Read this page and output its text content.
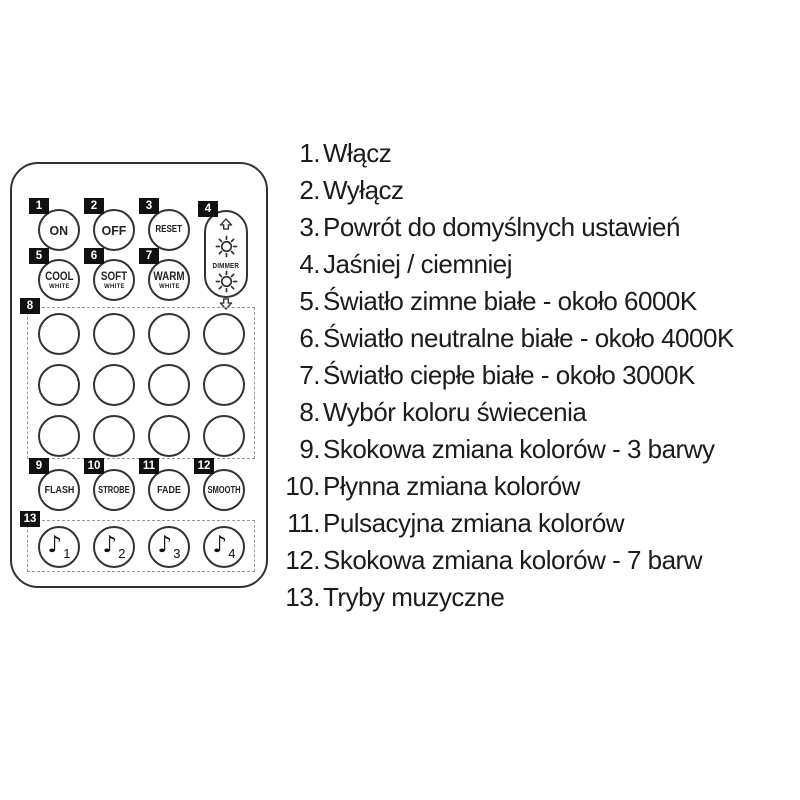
1
ON
2
OFF
3
RESET
4
DIMMER
5
COOL
WHITE
6
SOFT
WHITE
7
WARM
WHITE
8
9
FLASH
10
STROBE
11
FADE
12
SMOOTH
13
♪ 1 ♪ 2 ♪ 3 ♪ 4
1. Włącz
2. Wyłącz
3. Powrót do domyślnych ustawień
4. Jaśniej / ciemniej
5. Światło zimne białe - około 6000K
6. Światło neutralne białe - około 4000K
7. Światło ciepłe białe - około 3000K
8. Wybór koloru świecenia
9. Skokowa zmiana kolorów - 3 barwy
10. Płynna zmiana kolorów
11. Pulsacyjna zmiana kolorów
12. Skokowa zmiana kolorów - 7 barw
13. Tryby muzyczne
